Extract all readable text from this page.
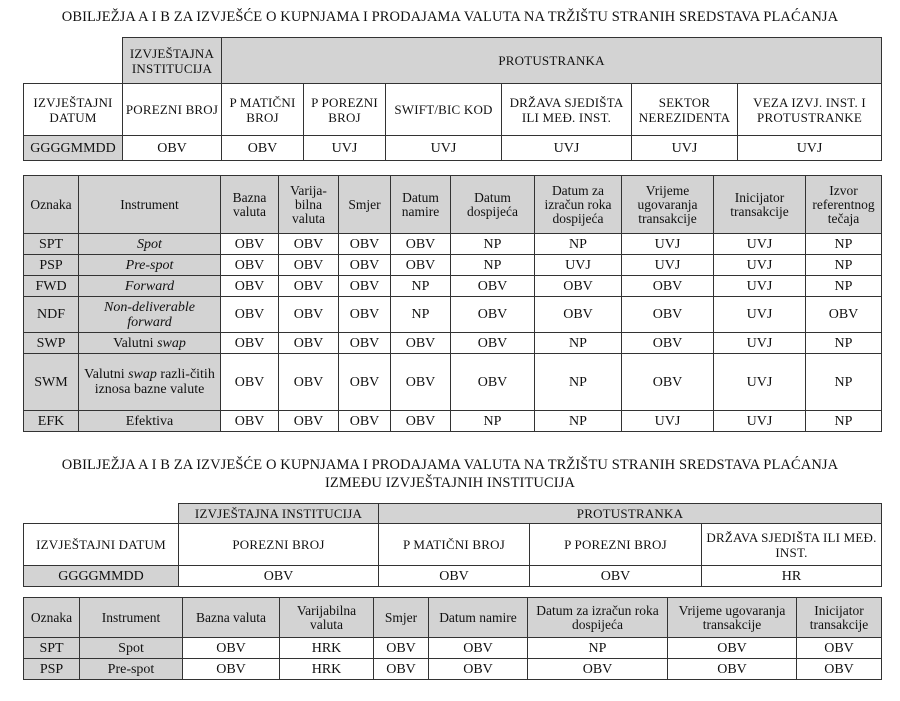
OBILJEŽJA A I B ZA IZVJEŠĆE O KUPNJAMA I PRODAJAMA VALUTA NA TRŽIŠTU STRANIH SREDSTAVA PLAĆANJA
	IZVJEŠTAJNA INSTITUCIJA	PROTUSTRANKA					
IZVJEŠTAJNI DATUM	POREZNI BROJ	P MATIČNI BROJ	P POREZNI BROJ	SWIFT/BIC KOD	DRŽAVA SJEDIŠTA ILI MEĐ. INST.	SEKTOR NEREZIDENTA	VEZA IZVJ. INST. I PROTUSTRANKE
GGGGMMDD	OBV	OBV	UVJ	UVJ	UVJ	UVJ	UVJ
Oznaka	Instrument	Bazna valuta	Varija-bilna valuta	Smjer	Datum namire	Datum dospijeća	Datum za izračun roka dospijeća	Vrijeme ugovaranja transakcije	Inicijator transakcije	Izvor referentnog tečaja
SPT	Spot	OBV	OBV	OBV	OBV	NP	NP	UVJ	UVJ	NP
PSP	Pre-spot	OBV	OBV	OBV	OBV	NP	UVJ	UVJ	UVJ	NP
FWD	Forward	OBV	OBV	OBV	NP	OBV	OBV	OBV	UVJ	NP
NDF	Non-deliverable forward	OBV	OBV	OBV	NP	OBV	OBV	OBV	UVJ	OBV
SWP	Valutni swap	OBV	OBV	OBV	OBV	OBV	NP	OBV	UVJ	NP
SWM	Valutni swap razli-čitih iznosa bazne valute	OBV	OBV	OBV	OBV	OBV	NP	OBV	UVJ	NP
EFK	Efektiva	OBV	OBV	OBV	OBV	NP	NP	UVJ	UVJ	NP
OBILJEŽJA A I B ZA IZVJEŠĆE O KUPNJAMA I PRODAJAMA VALUTA NA TRŽIŠTU STRANIH SREDSTAVA PLAĆANJA
IZMEĐU IZVJEŠTAJNIH INSTITUCIJA
	IZVJEŠTAJNA INSTITUCIJA	PROTUSTRANKA		
IZVJEŠTAJNI DATUM	POREZNI BROJ	P MATIČNI BROJ	P POREZNI BROJ	DRŽAVA SJEDIŠTA ILI MEĐ. INST.
GGGGMMDD	OBV	OBV	OBV	HR
Oznaka	Instrument	Bazna valuta	Varijabilna valuta	Smjer	Datum namire	Datum za izračun roka dospijeća	Vrijeme ugovaranja transakcije	Inicijator transakcije
SPT	Spot	OBV	HRK	OBV	OBV	NP	OBV	OBV
PSP	Pre-spot	OBV	HRK	OBV	OBV	OBV	OBV	OBV
